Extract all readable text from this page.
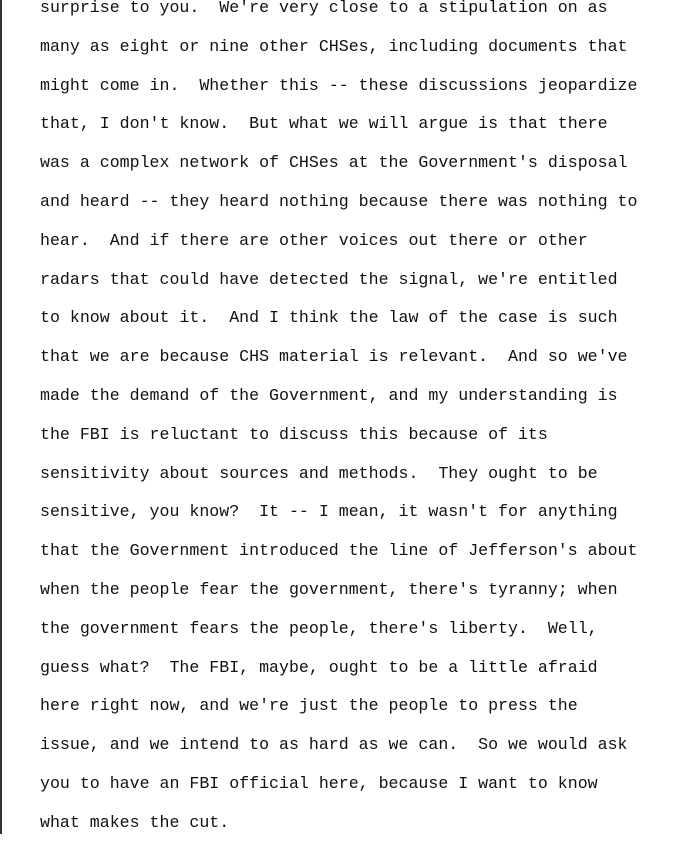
surprise to you.  We're very close to a stipulation on as
many as eight or nine other CHSes, including documents that
might come in.  Whether this -- these discussions jeopardize
that, I don't know.  But what we will argue is that there
was a complex network of CHSes at the Government's disposal
and heard -- they heard nothing because there was nothing to
hear.  And if there are other voices out there or other
radars that could have detected the signal, we're entitled
to know about it.  And I think the law of the case is such
that we are because CHS material is relevant.  And so we've
made the demand of the Government, and my understanding is
the FBI is reluctant to discuss this because of its
sensitivity about sources and methods.  They ought to be
sensitive, you know?  It -- I mean, it wasn't for anything
that the Government introduced the line of Jefferson's about
when the people fear the government, there's tyranny; when
the government fears the people, there's liberty.  Well,
guess what?  The FBI, maybe, ought to be a little afraid
here right now, and we're just the people to press the
issue, and we intend to as hard as we can.  So we would ask
you to have an FBI official here, because I want to know
what makes the cut.
